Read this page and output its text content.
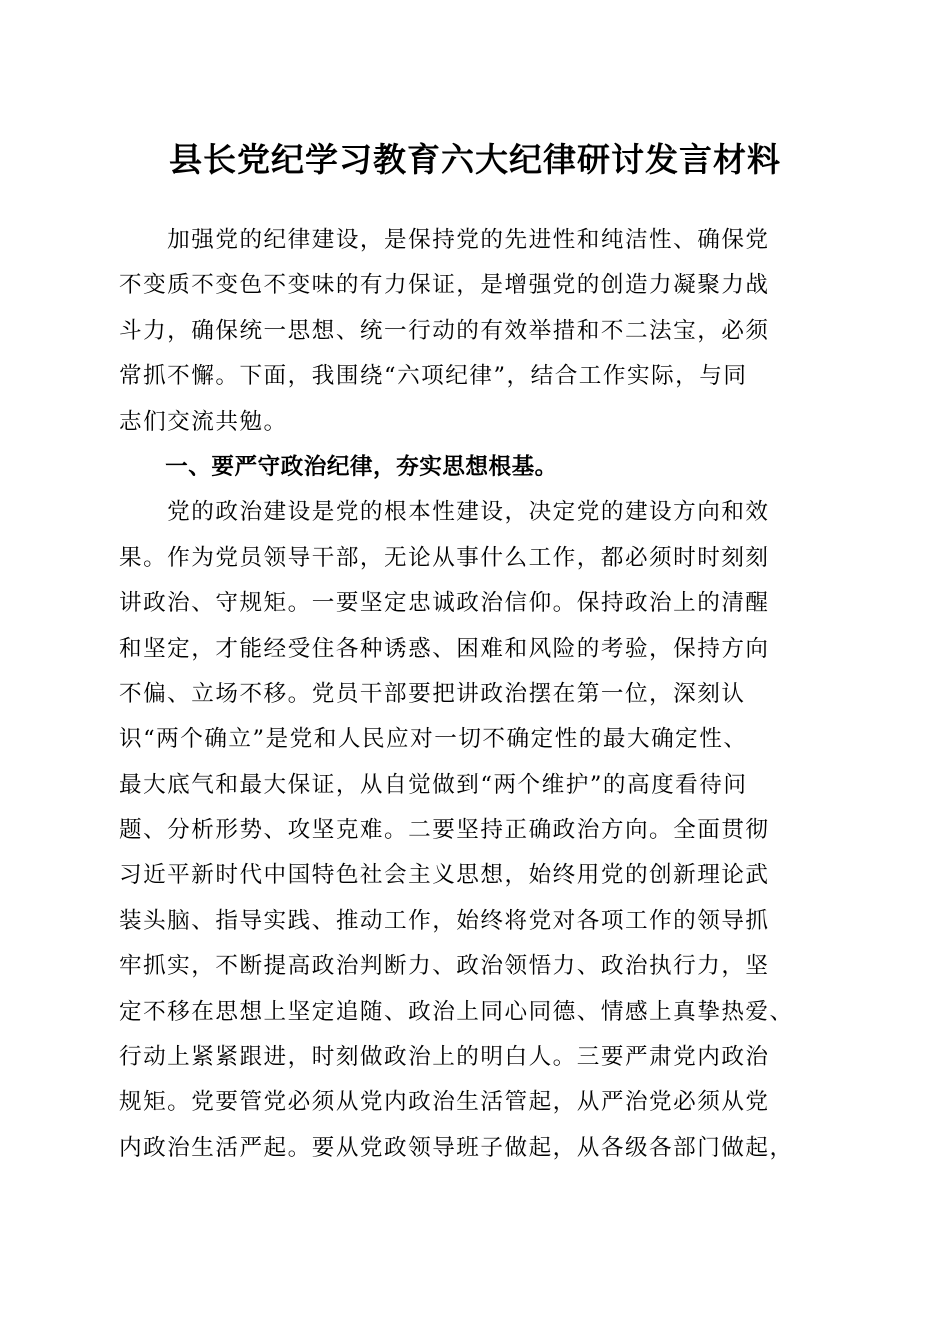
县长党纪学习教育六大纪律研讨发言材料
　　加强党的纪律建设，是保持党的先进性和纯洁性、确保党
不变质不变色不变味的有力保证，是增强党的创造力凝聚力战
斗力，确保统一思想、统一行动的有效举措和不二法宝，必须
常抓不懈。下面，我围绕“六项纪律”，结合工作实际，与同
志们交流共勉。
　　一、要严守政治纪律，夯实思想根基。
　　党的政治建设是党的根本性建设，决定党的建设方向和效
果。作为党员领导干部，无论从事什么工作，都必须时时刻刻
讲政治、守规矩。一要坚定忠诚政治信仰。保持政治上的清醒
和坚定，才能经受住各种诱惑、困难和风险的考验，保持方向
不偏、立场不移。党员干部要把讲政治摆在第一位，深刻认
识“两个确立”是党和人民应对一切不确定性的最大确定性、
最大底气和最大保证，从自觉做到“两个维护”的高度看待问
题、分析形势、攻坚克难。二要坚持正确政治方向。全面贯彻
习近平新时代中国特色社会主义思想，始终用党的创新理论武
装头脑、指导实践、推动工作，始终将党对各项工作的领导抓
牢抓实，不断提高政治判断力、政治领悟力、政治执行力，坚
定不移在思想上坚定追随、政治上同心同德、情感上真挚热爱、
行动上紧紧跟进，时刻做政治上的明白人。三要严肃党内政治
规矩。党要管党必须从党内政治生活管起，从严治党必须从党
内政治生活严起。要从党政领导班子做起，从各级各部门做起，
